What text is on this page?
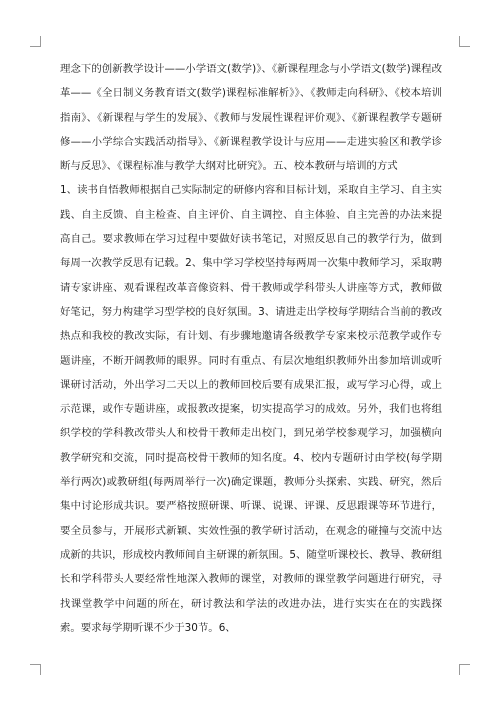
理念下的创新教学设计——小学语文(数学)》、《新课程理念与小学语文(数学)课程改革——《全日制义务教育语文(数学)课程标准解析》》、《教师走向科研》、《校本培训指南》、《新课程与学生的发展》、《教师与发展性课程评价观》、《新课程教学专题研修——小学综合实践活动指导》、《新课程教学设计与应用——走进实验区和教学诊断与反思》、《课程标准与教学大纲对比研究》。五、校本教研与培训的方式

1、读书自悟教师根据自己实际制定的研修内容和目标计划，采取自主学习、自主实践、自主反馈、自主检查、自主评价、自主调控、自主体验、自主完善的办法来提高自己。要求教师在学习过程中要做好读书笔记，对照反思自己的教学行为，做到每周一次教学反思有记载。2、集中学习学校坚持每两周一次集中教师学习，采取聘请专家讲座、观看课程改革音像资料、骨干教师或学科带头人讲座等方式，教师做好笔记，努力构建学习型学校的良好氛围。3、请进走出学校每学期结合当前的教改热点和我校的教改实际，有计划、有步骤地邀请各级教学专家来校示范教学或作专题讲座，不断开阔教师的眼界。同时有重点、有层次地组织教师外出参加培训或听课研讨活动，外出学习二天以上的教师回校后要有成果汇报，或写学习心得，或上示范课，或作专题讲座，或报教改提案，切实提高学习的成效。另外，我们也将组织学校的学科教改带头人和校骨干教师走出校门，到兄弟学校参观学习，加强横向教学研究和交流，同时提高校骨干教师的知名度。4、校内专题研讨由学校(每学期举行两次)或教研组(每两周举行一次)确定课题，教师分头探索、实践、研究，然后集中讨论形成共识。要严格按照研课、听课、说课、评课、反思跟课等环节进行，要全员参与，开展形式新颖、实效性强的教学研讨活动，在观念的碰撞与交流中达成新的共识，形成校内教师间自主研课的新氛围。5、随堂听课校长、教导、教研组长和学科带头人要经常性地深入教师的课堂，对教师的课堂教学问题进行研究，寻找课堂教学中问题的所在，研讨教法和学法的改进办法，进行实实在在的实践探索。要求每学期听课不少于30节。6、
